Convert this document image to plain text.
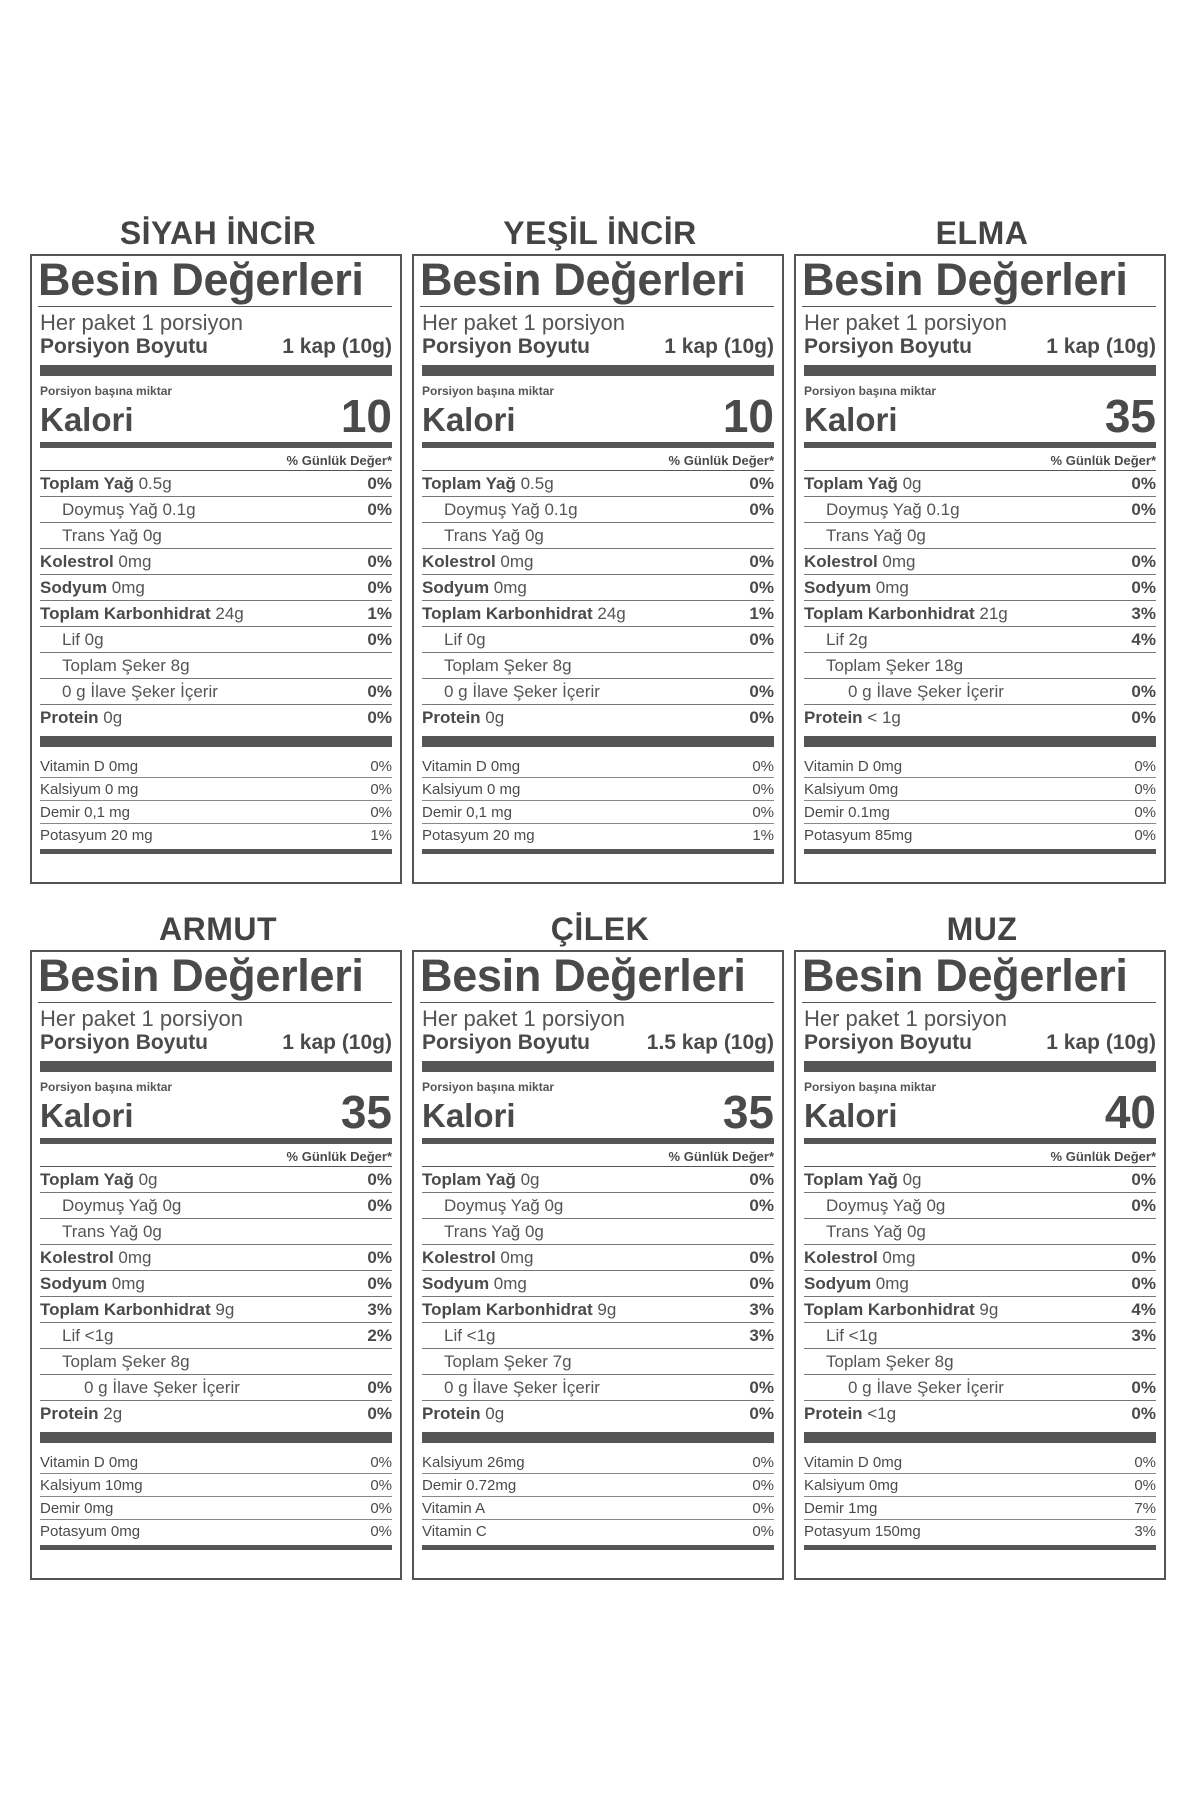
SİYAH İNCİR
Besin Değerleri
Her paket 1 porsiyon
Porsiyon Boyutu	1 kap (10g)
Porsiyon başına miktar
Kalori	10
% Günlük Değer*
Toplam Yağ 0.5g	0%
Doymuş Yağ 0.1g	0%
Trans Yağ 0g
Kolestrol 0mg	0%
Sodyum 0mg	0%
Toplam Karbonhidrat 24g	1%
Lif 0g	0%
Toplam Şeker 8g
0 g İlave Şeker İçerir	0%
Protein 0g	0%
Vitamin D 0mg	0%
Kalsiyum 0 mg	0%
Demir 0,1 mg	0%
Potasyum 20 mg	1%
YEŞİL İNCİR
Besin Değerleri
Her paket 1 porsiyon
Porsiyon Boyutu	1 kap (10g)
Porsiyon başına miktar
Kalori	10
% Günlük Değer*
Toplam Yağ 0.5g	0%
Doymuş Yağ 0.1g	0%
Trans Yağ 0g
Kolestrol 0mg	0%
Sodyum 0mg	0%
Toplam Karbonhidrat 24g	1%
Lif 0g	0%
Toplam Şeker 8g
0 g İlave Şeker İçerir	0%
Protein 0g	0%
Vitamin D 0mg	0%
Kalsiyum 0 mg	0%
Demir 0,1 mg	0%
Potasyum 20 mg	1%
ELMA
Besin Değerleri
Her paket 1 porsiyon
Porsiyon Boyutu	1 kap (10g)
Porsiyon başına miktar
Kalori	35
% Günlük Değer*
Toplam Yağ 0g	0%
Doymuş Yağ 0.1g	0%
Trans Yağ 0g
Kolestrol 0mg	0%
Sodyum 0mg	0%
Toplam Karbonhidrat 21g	3%
Lif 2g	4%
Toplam Şeker 18g
0 g İlave Şeker İçerir	0%
Protein < 1g	0%
Vitamin D 0mg	0%
Kalsiyum 0mg	0%
Demir 0.1mg	0%
Potasyum 85mg	0%
ARMUT
Besin Değerleri
Her paket 1 porsiyon
Porsiyon Boyutu	1 kap (10g)
Porsiyon başına miktar
Kalori	35
% Günlük Değer*
Toplam Yağ 0g	0%
Doymuş Yağ 0g	0%
Trans Yağ 0g
Kolestrol 0mg	0%
Sodyum 0mg	0%
Toplam Karbonhidrat 9g	3%
Lif <1g	2%
Toplam Şeker 8g
0 g İlave Şeker İçerir	0%
Protein 2g	0%
Vitamin D 0mg	0%
Kalsiyum 10mg	0%
Demir 0mg	0%
Potasyum 0mg	0%
ÇİLEK
Besin Değerleri
Her paket 1 porsiyon
Porsiyon Boyutu	1.5 kap (10g)
Porsiyon başına miktar
Kalori	35
% Günlük Değer*
Toplam Yağ 0g	0%
Doymuş Yağ 0g	0%
Trans Yağ 0g
Kolestrol 0mg	0%
Sodyum 0mg	0%
Toplam Karbonhidrat 9g	3%
Lif <1g	3%
Toplam Şeker 7g
0 g İlave Şeker İçerir	0%
Protein 0g	0%
Kalsiyum 26mg	0%
Demir 0.72mg	0%
Vitamin A	0%
Vitamin C	0%
MUZ
Besin Değerleri
Her paket 1 porsiyon
Porsiyon Boyutu	1 kap (10g)
Porsiyon başına miktar
Kalori	40
% Günlük Değer*
Toplam Yağ 0g	0%
Doymuş Yağ 0g	0%
Trans Yağ 0g
Kolestrol 0mg	0%
Sodyum 0mg	0%
Toplam Karbonhidrat 9g	4%
Lif <1g	3%
Toplam Şeker 8g
0 g İlave Şeker İçerir	0%
Protein <1g	0%
Vitamin D 0mg	0%
Kalsiyum 0mg	0%
Demir 1mg	7%
Potasyum 150mg	3%
